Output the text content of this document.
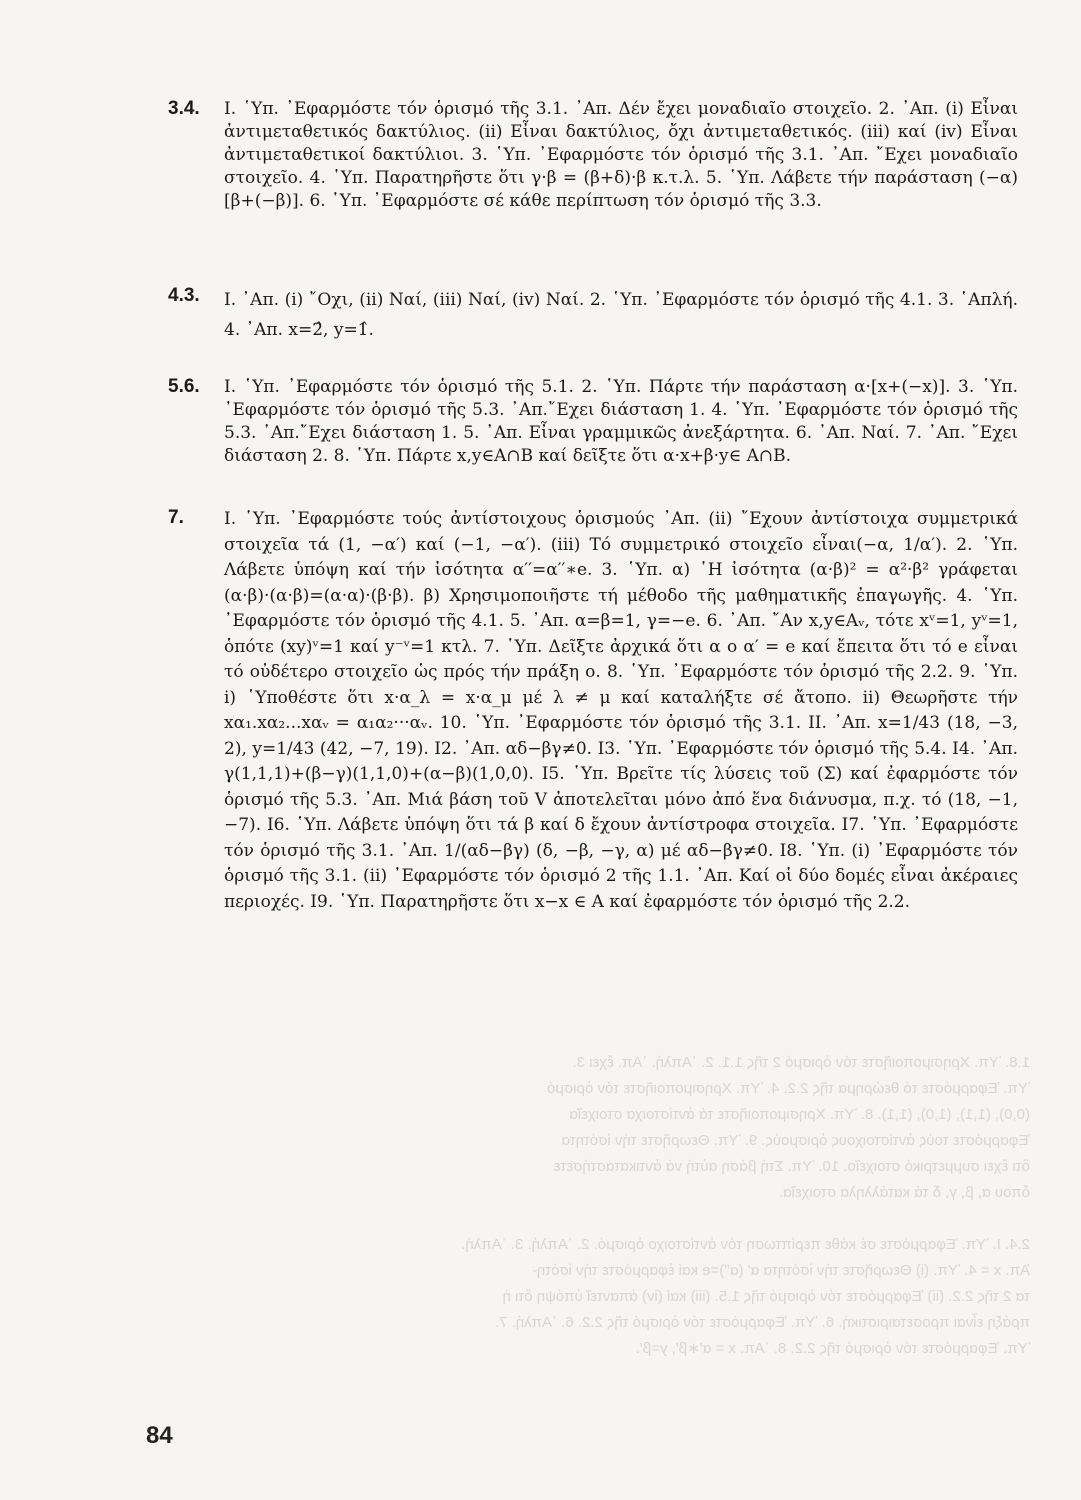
1.8. Ὑπ. Χρησιμοποιῆστε τόν ὁρισμό 2 τῆς 1.1. 2. ᾽Απλή. ᾽Απ. ἔχει 3.
Ὑπ. Ἐφαρμόστε τό θεώρημα τῆς 2.2. 4. Ὑπ. Χρησιμοποιῆστε τόν ὁρισμό
(0,0), (1,1), (1,0), (1,1). 8. Ὑπ. Χρησιμοποιῆστε τά ἀντίστοιχα στοιχεῖα
Ἐφαρμόστε τούς ἀντίστοιχους ὁρισμούς. 9. Ὑπ. Θεωρῆστε τήν ἰσότητα
ὅτι ἔχει συμμετρικό στοιχεῖο. 10. Ὑπ. Στή βάση αὐτή νά ἀντικαταστήσετε
ὅπου α, β, γ, δ τά κατάλληλα στοιχεῖα.

2.4. Ι. Ὑπ. Ἐφαρμόστε σέ κάθε περίπτωση τόν ἀντίστοιχο ὁρισμό. 2. ᾽Απλή. 3. ᾽Απλή.
Ἀπ. x = 4. Ὑπ. (i) Θεωρῆστε τήν ἰσότητα α′ (α′′)=e καί ἐφαρμόστε τήν ἰσότη-
τα 2 τῆς 2.2. (ii) Ἐφαρμόστε τόν ὁρισμό τῆς 1.5. (iii) καί (iv) ἀπαντεῖ ὑπόψη ὅτι ἡ
πράξη εἶναι προσεταιριστική. 6. Ὑπ. Ἐφαρμόστε τόν ὁρισμό τῆς 2.2. 6. ᾽Απλή. 7.
Ὑπ. Ἐφαρμόστε τόν ὁρισμό τῆς 2.2. 8. ᾽Απ. x = α′∗β′, y=β′.
3.4. Ι. ῾Υπ. ᾽Εφαρμόστε τόν ὁρισμό τῆς 3.1. ᾽Απ. Δέν ἔχει μοναδιαῖο στοιχεῖο. 2. ᾽Απ. (i) Εἶναι ἀντιμεταθετικός δακτύλιος. (ii) Εἶναι δακτύλιος, ὄχι ἀντιμεταθετικός. (iii) καί (iv) Εἶναι ἀντιμεταθετικοί δακτύλιοι. 3. ῾Υπ. ᾽Εφαρμόστε τόν ὁρισμό τῆς 3.1. ᾽Απ. ῎Εχει μοναδιαῖο στοιχεῖο. 4. ῾Υπ. Παρατηρῆστε ὅτι γ·β = (β+δ)·β κ.τ.λ. 5. ῾Υπ. Λάβετε τήν παράσταση (−α) [β+(−β)]. 6. ῾Υπ. ᾽Εφαρμόστε σέ κάθε περίπτωση τόν ὁρισμό τῆς 3.3.
4.3. Ι. ᾽Απ. (i) ῎Οχι, (ii) Ναί, (iii) Ναί, (iv) Ναί. 2. ῾Υπ. ᾽Εφαρμόστε τόν ὁρισμό τῆς 4.1. 3. ῾Απλή. 4. ᾽Απ. x=2̂, y=1̂.
5.6. Ι. ῾Υπ. ᾽Εφαρμόστε τόν ὁρισμό τῆς 5.1. 2. ῾Υπ. Πάρτε τήν παράσταση α·[x+(−x)]. 3. ῾Υπ. ᾽Εφαρμόστε τόν ὁρισμό τῆς 5.3. ᾽Απ.῎Εχει διάσταση 1. 4. ῾Υπ. ᾽Εφαρμόστε τόν ὁρισμό τῆς 5.3. ᾽Απ.῎Εχει διάσταση 1. 5. ᾽Απ. Εἶναι γραμμικῶς ἀνεξάρτητα. 6. ᾽Απ. Ναί. 7. ᾽Απ. ῎Εχει διάσταση 2. 8. ῾Υπ. Πάρτε x,y∈A∩B καί δεῖξτε ὅτι α·x+β·y∈ A∩B.
7. Ι. ῾Υπ. ᾽Εφαρμόστε τούς ἀντίστοιχους ὁρισμούς ᾽Απ. (ii) ῎Εχουν ἀντίστοιχα συμμετρικά στοιχεῖα τά (1, −α′) καί (−1, −α′). (iii) Τό συμμετρικό στοιχεῖο εἶναι(−α, 1/α′). 2. ῾Υπ. Λάβετε ὑπόψη καί τήν ἰσότητα α′′=α′′∗e. 3. ῾Υπ. α) ῾Η ἰσότητα (α·β)² = α²·β² γράφεται (α·β)·(α·β)=(α·α)·(β·β). β) Χρησιμοποιῆστε τή μέθοδο τῆς μαθηματικῆς ἐπαγωγῆς. 4. ῾Υπ. ᾽Εφαρμόστε τόν ὁρισμό τῆς 4.1. 5. ᾽Απ. α=β=1, γ=−e. 6. ᾽Απ. ῎Αν x,y∈Aᵥ, τότε xᵛ=1, yᵛ=1, ὁπότε (xy)ᵛ=1 καί y⁻ᵛ=1 κτλ. 7. ῾Υπ. Δεῖξτε ἀρχικά ὅτι α ο α′ = e καί ἔπειτα ὅτι τό e εἶναι τό οὐδέτερο στοιχεῖο ὡς πρός τήν πράξη ο. 8. ῾Υπ. ᾽Εφαρμόστε τόν ὁρισμό τῆς 2.2. 9. ῾Υπ. i) ῾Υποθέστε ὅτι x·α_λ = x·α_μ μέ λ ≠ μ καί καταλήξτε σέ ἄτοπο. ii) Θεωρῆστε τήν xα₁.xα₂...xαᵥ = α₁α₂···αᵥ. 10. ῾Υπ. ᾽Εφαρμόστε τόν ὁρισμό τῆς 3.1. ΙΙ. ᾽Απ. x=1/43 (18, −3, 2), y=1/43 (42, −7, 19). Ι2. ᾽Απ. αδ−βγ≠0. Ι3. ῾Υπ. ᾽Εφαρμόστε τόν ὁρισμό τῆς 5.4. Ι4. ᾽Απ. γ(1,1,1)+(β−γ)(1,1,0)+(α−β)(1,0,0). Ι5. ῾Υπ. Βρεῖτε τίς λύσεις τοῦ (Σ) καί ἐφαρμόστε τόν ὁρισμό τῆς 5.3. ᾽Απ. Μιά βάση τοῦ V ἀποτελεῖται μόνο ἀπό ἕνα διάνυσμα, π.χ. τό (18, −1, −7). Ι6. ῾Υπ. Λάβετε ὑπόψη ὅτι τά β καί δ ἔχουν ἀντίστροφα στοιχεῖα. Ι7. ῾Υπ. ᾽Εφαρμόστε τόν ὁρισμό τῆς 3.1. ᾽Απ. 1/(αδ−βγ) (δ, −β, −γ, α) μέ αδ−βγ≠0. Ι8. ῾Υπ. (i) ᾽Εφαρμόστε τόν ὁρισμό τῆς 3.1. (ii) ᾽Εφαρμόστε τόν ὁρισμό 2 τῆς 1.1. ᾽Απ. Καί οἱ δύο δομές εἶναι ἀκέραιες περιοχές. Ι9. ῾Υπ. Παρατηρῆστε ὅτι x−x ∈ A καί ἐφαρμόστε τόν ὁρισμό τῆς 2.2.
84
